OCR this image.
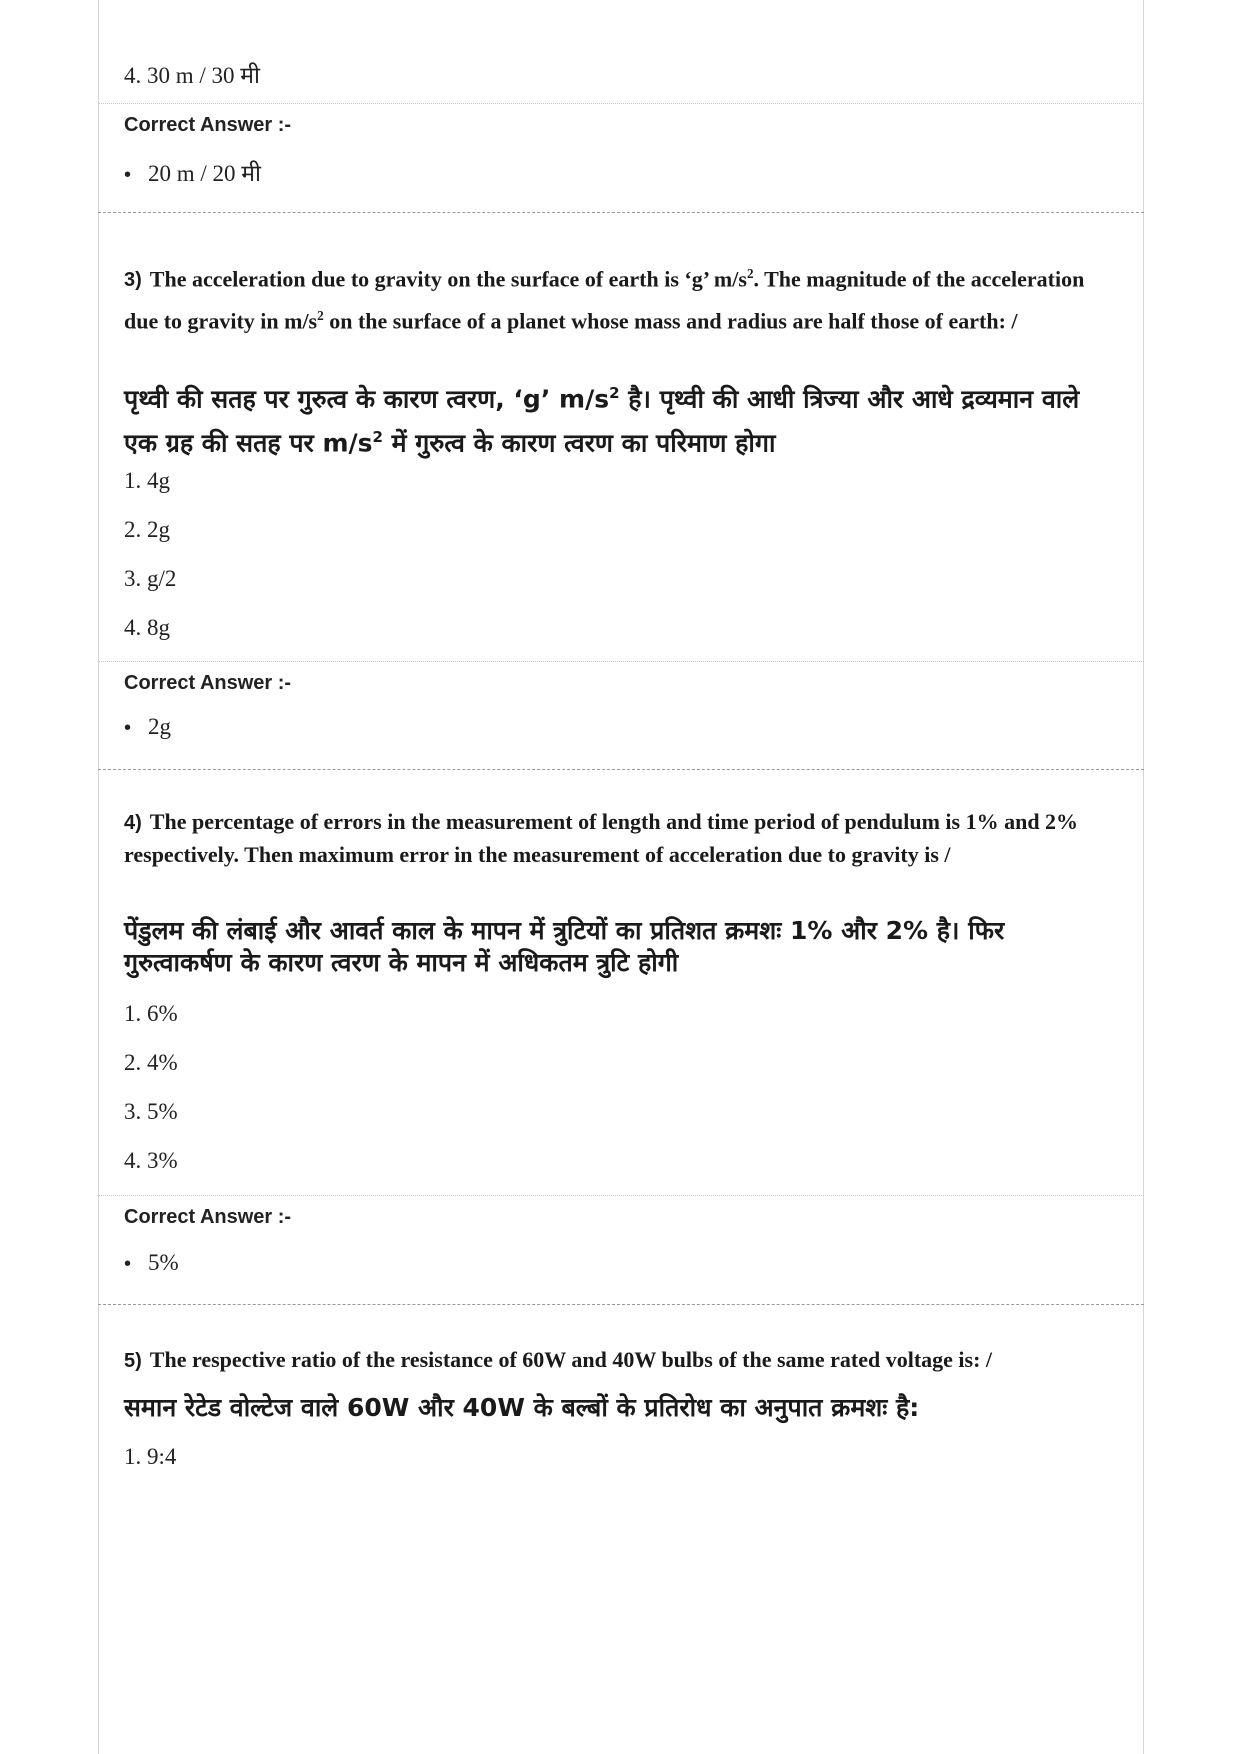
4. 30 m / 30 मी
Correct Answer :-
• 20 m / 20 मी
3) The acceleration due to gravity on the surface of earth is ‘g’ $m/s^2$. The magnitude of the acceleration due to gravity in $m/s^2$ on the surface of a planet whose mass and radius are half those of earth: /
पृथ्वी की सतह पर गुरुत्व के कारण त्वरण, ‘g’ $m/s^2$ है। पृथ्वी की आधी त्रिज्या और आधे द्रव्यमान वाले एक ग्रह की सतह पर $m/s^2$ में गुरुत्व के कारण त्वरण का परिमाण होगा
1. 4g
2. 2g
3. g/2
4. 8g
Correct Answer :-
• 2g
4) The percentage of errors in the measurement of length and time period of pendulum is 1% and 2% respectively. Then maximum error in the measurement of acceleration due to gravity is /
पेंडुलम की लंबाई और आवर्त काल के मापन में त्रुटियों का प्रतिशत क्रमशः 1% और 2% है। फिर गुरुत्वाकर्षण के कारण त्वरण के मापन में अधिकतम त्रुटि होगी
1. 6%
2. 4%
3. 5%
4. 3%
Correct Answer :-
• 5%
5) The respective ratio of the resistance of 60W and 40W bulbs of the same rated voltage is: /
समान रेटेड वोल्टेज वाले 60W और 40W के बल्बों के प्रतिरोध का अनुपात क्रमशः है:
1. 9:4
